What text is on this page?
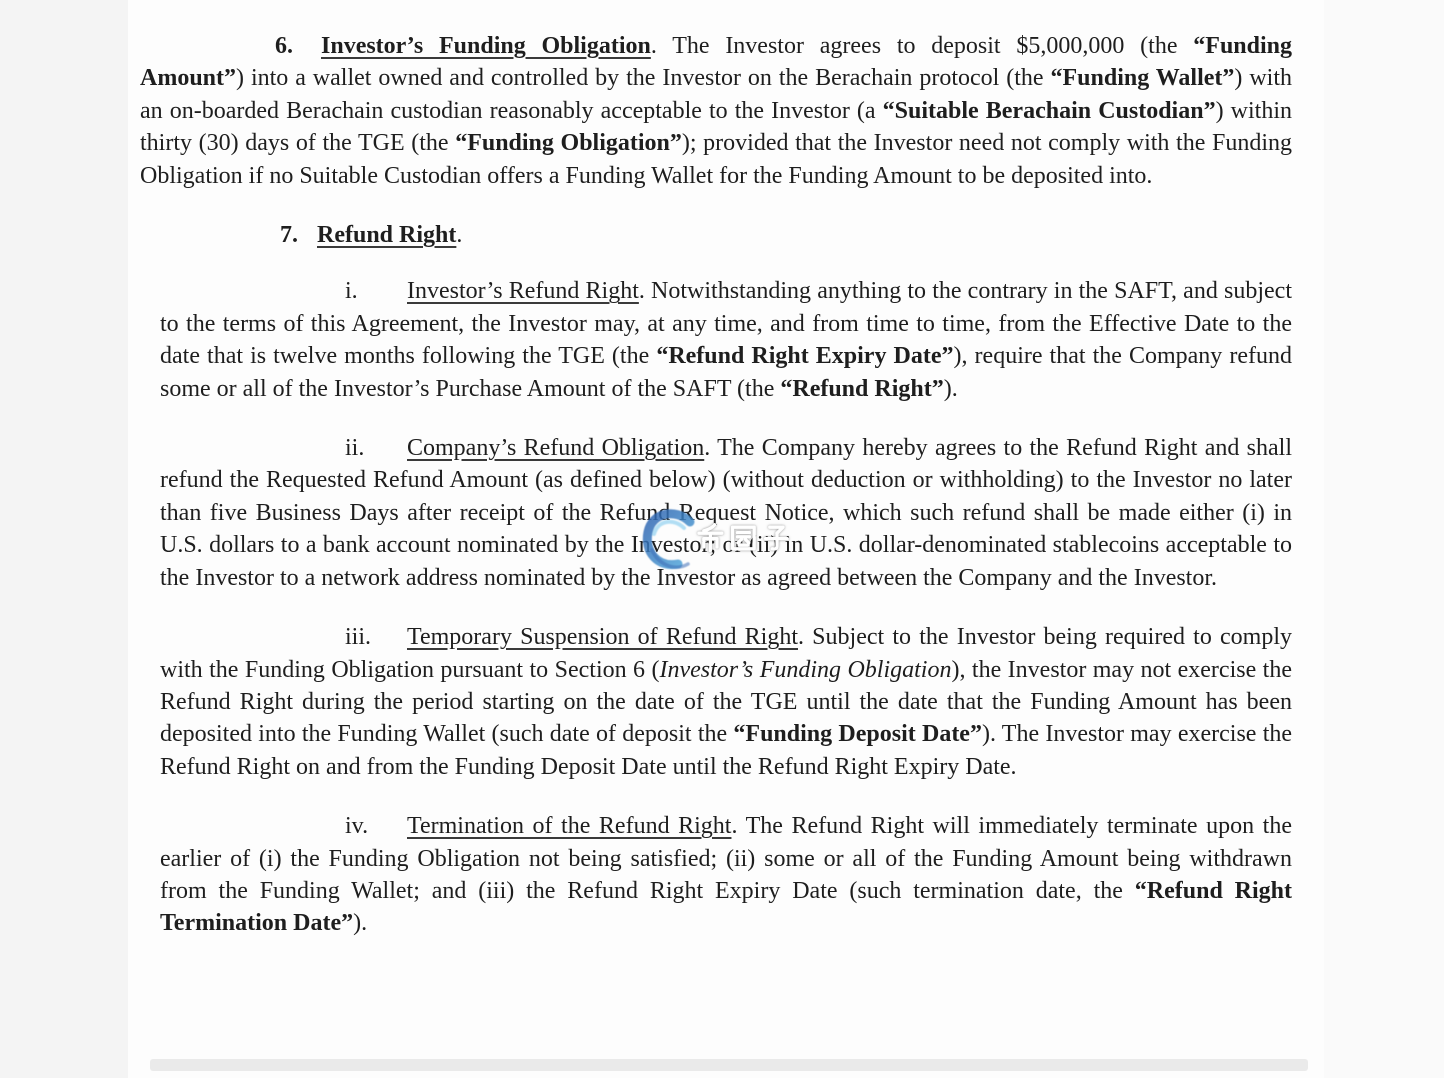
6. Investor’s Funding Obligation. The Investor agrees to deposit $5,000,000 (the “Funding Amount”) into a wallet owned and controlled by the Investor on the Berachain protocol (the “Funding Wallet”) with an on-boarded Berachain custodian reasonably acceptable to the Investor (a “Suitable Berachain Custodian”) within thirty (30) days of the TGE (the “Funding Obligation”); provided that the Investor need not comply with the Funding Obligation if no Suitable Custodian offers a Funding Wallet for the Funding Amount to be deposited into.

7. Refund Right.

i. Investor’s Refund Right. Notwithstanding anything to the contrary in the SAFT, and subject to the terms of this Agreement, the Investor may, at any time, and from time to time, from the Effective Date to the date that is twelve months following the TGE (the “Refund Right Expiry Date”), require that the Company refund some or all of the Investor’s Purchase Amount of the SAFT (the “Refund Right”).

ii. Company’s Refund Obligation. The Company hereby agrees to the Refund Right and shall refund the Requested Refund Amount (as defined below) (without deduction or withholding) to the Investor no later than five Business Days after receipt of the Refund Request Notice, which such refund shall be made either (i) in U.S. dollars to a bank account nominated by the Investor; or (ii) in U.S. dollar-denominated stablecoins acceptable to the Investor to a network address nominated by the Investor as agreed between the Company and the Investor.

iii. Temporary Suspension of Refund Right. Subject to the Investor being required to comply with the Funding Obligation pursuant to Section 6 (Investor’s Funding Obligation), the Investor may not exercise the Refund Right during the period starting on the date of the TGE until the date that the Funding Amount has been deposited into the Funding Wallet (such date of deposit the “Funding Deposit Date”). The Investor may exercise the Refund Right on and from the Funding Deposit Date until the Refund Right Expiry Date.

iv. Termination of the Refund Right. The Refund Right will immediately terminate upon the earlier of (i) the Funding Obligation not being satisfied; (ii) some or all of the Funding Amount being withdrawn from the Funding Wallet; and (iii) the Refund Right Expiry Date (such termination date, the “Refund Right Termination Date”).
